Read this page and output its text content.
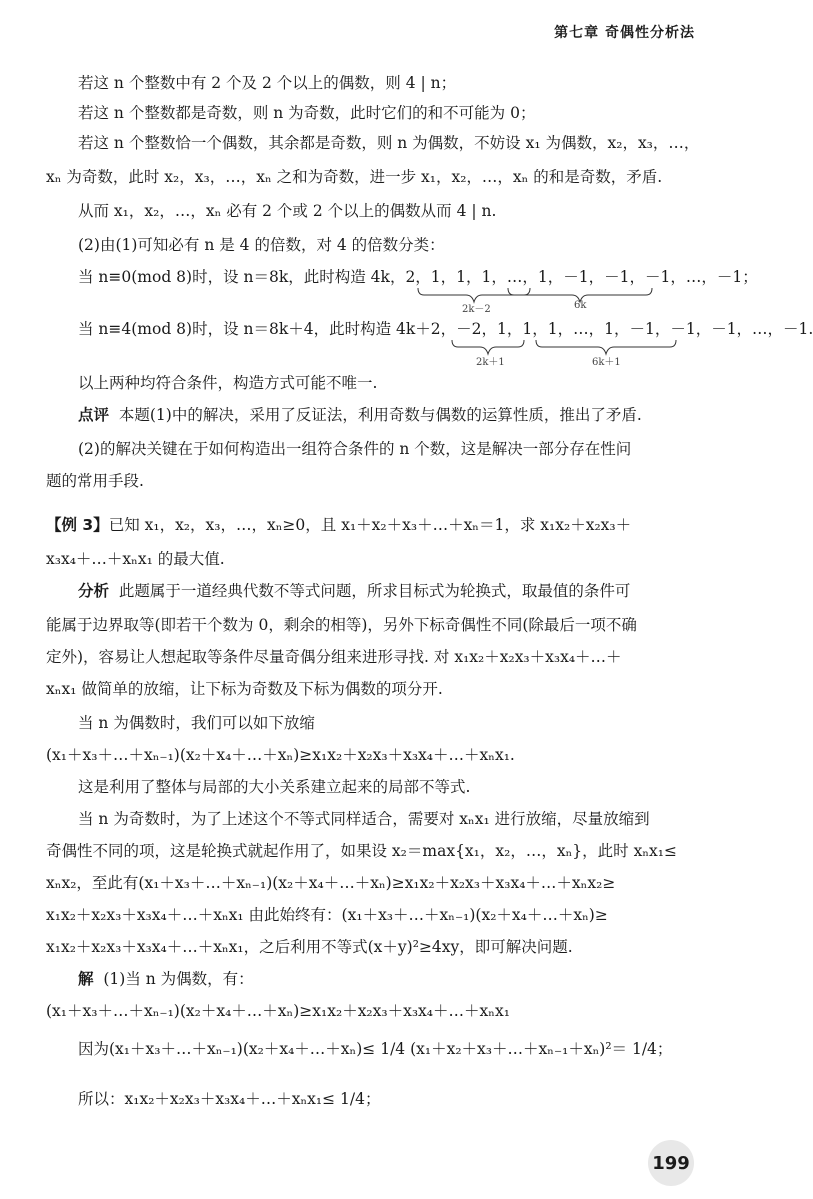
第七章 奇偶性分析法
若这 n 个整数中有 2 个及 2 个以上的偶数，则 4 | n；
若这 n 个整数都是奇数，则 n 为奇数，此时它们的和不可能为 0；
若这 n 个整数恰一个偶数，其余都是奇数，则 n 为偶数，不妨设 x₁ 为偶数，x₂，x₃，…，
xₙ 为奇数，此时 x₂，x₃，…，xₙ 之和为奇数，进一步 x₁，x₂，…，xₙ 的和是奇数，矛盾.
从而 x₁，x₂，…，xₙ 必有 2 个或 2 个以上的偶数从而 4 | n.
(2)由(1)可知必有 n 是 4 的倍数，对 4 的倍数分类：
当 n≡0(mod 8)时，设 n＝8k，此时构造 4k，2，1，1，1，…，1，－1，－1，－1，…，－1；
2k－2	6k
2k＋1	6k＋1
当 n≡4(mod 8)时，设 n＝8k＋4，此时构造 4k＋2，－2，1，1，1，…，1，－1，－1，－1，…，－1.
以上两种均符合条件，构造方式可能不唯一.
点评 本题(1)中的解决，采用了反证法，利用奇数与偶数的运算性质，推出了矛盾.
(2)的解决关键在于如何构造出一组符合条件的 n 个数，这是解决一部分存在性问
题的常用手段.
【例 3】已知 x₁，x₂，x₃，…，xₙ≥0，且 x₁＋x₂＋x₃＋…＋xₙ＝1，求 x₁x₂＋x₂x₃＋
x₃x₄＋…＋xₙx₁ 的最大值.
分析 此题属于一道经典代数不等式问题，所求目标式为轮换式，取最值的条件可
能属于边界取等(即若干个数为 0，剩余的相等)，另外下标奇偶性不同(除最后一项不确
定外)，容易让人想起取等条件尽量奇偶分组来进形寻找. 对 x₁x₂＋x₂x₃＋x₃x₄＋…＋
xₙx₁ 做简单的放缩，让下标为奇数及下标为偶数的项分开.
当 n 为偶数时，我们可以如下放缩
(x₁＋x₃＋…＋xₙ₋₁)(x₂＋x₄＋…＋xₙ)≥x₁x₂＋x₂x₃＋x₃x₄＋…＋xₙx₁.
这是利用了整体与局部的大小关系建立起来的局部不等式.
当 n 为奇数时，为了上述这个不等式同样适合，需要对 xₙx₁ 进行放缩，尽量放缩到
奇偶性不同的项，这是轮换式就起作用了，如果设 x₂＝max{x₁，x₂，…，xₙ}，此时 xₙx₁≤
xₙx₂，至此有(x₁＋x₃＋…＋xₙ₋₁)(x₂＋x₄＋…＋xₙ)≥x₁x₂＋x₂x₃＋x₃x₄＋…＋xₙx₂≥
x₁x₂＋x₂x₃＋x₃x₄＋…＋xₙx₁ 由此始终有：(x₁＋x₃＋…＋xₙ₋₁)(x₂＋x₄＋…＋xₙ)≥
x₁x₂＋x₂x₃＋x₃x₄＋…＋xₙx₁，之后利用不等式(x＋y)²≥4xy，即可解决问题.
解 (1)当 n 为偶数，有：
(x₁＋x₃＋…＋xₙ₋₁)(x₂＋x₄＋…＋xₙ)≥x₁x₂＋x₂x₃＋x₃x₄＋…＋xₙx₁
因为(x₁＋x₃＋…＋xₙ₋₁)(x₂＋x₄＋…＋xₙ)≤ 1/4 (x₁＋x₂＋x₃＋…＋xₙ₋₁＋xₙ)²＝ 1/4；
所以：x₁x₂＋x₂x₃＋x₃x₄＋…＋xₙx₁≤ 1/4；
199
